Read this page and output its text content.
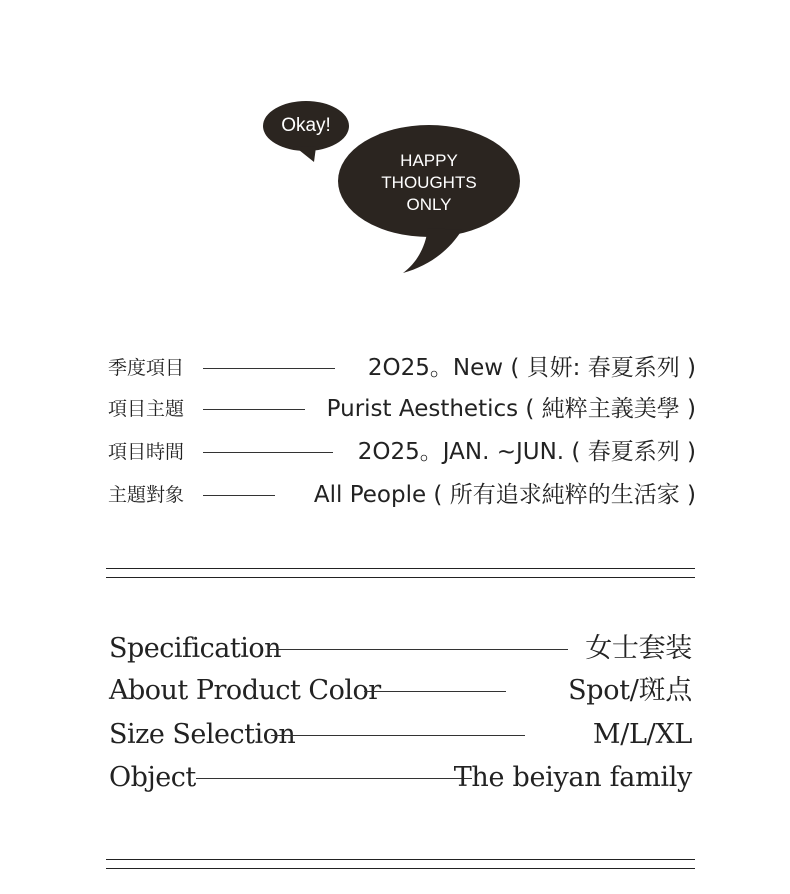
Okay!
HAPPY
THOUGHTS
ONLY
季度項目	2O25。New ( 貝妍: 春夏系列 )
項目主題	Purist Aesthetics ( 純粹主義美學 )
項目時間	2O25。JAN. ~JUN. ( 春夏系列 )
主題對象	All People ( 所有追求純粹的生活家 )
Specification	女士套装
About Product Color	Spot/斑点
Size Selection	M/L/XL
Object	The beiyan family
